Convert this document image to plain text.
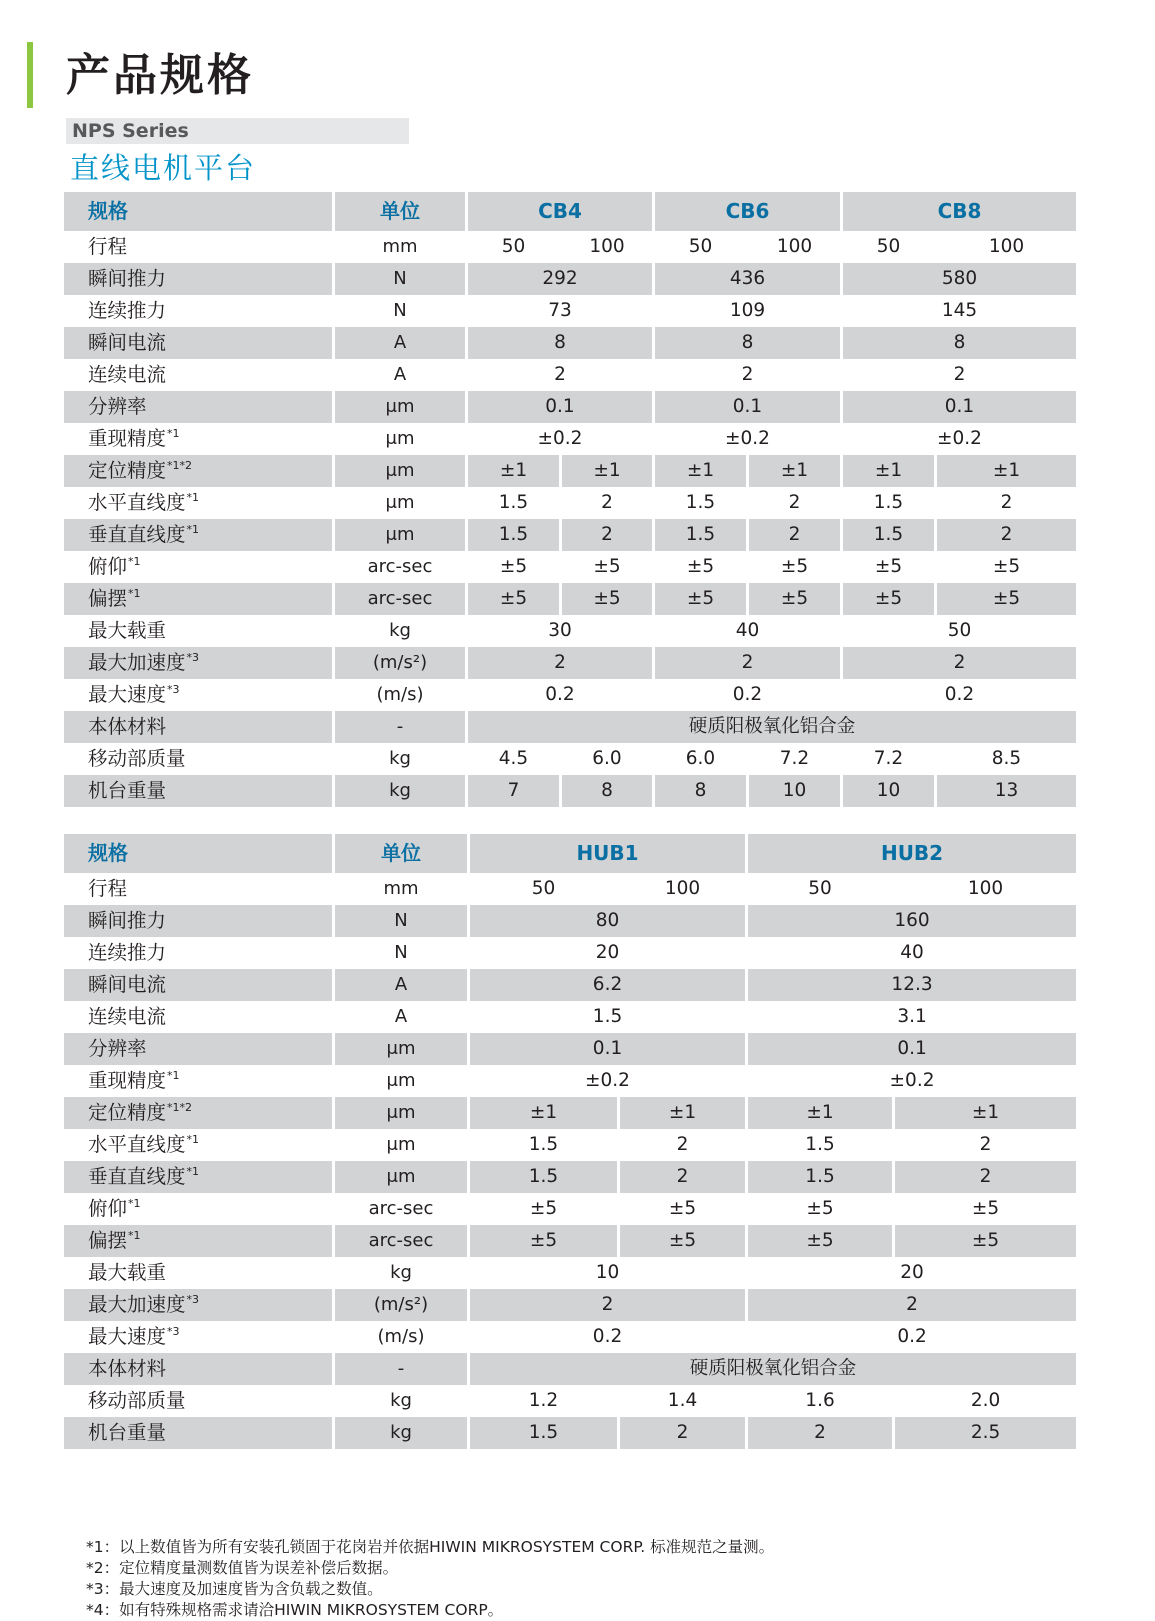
产品规格
NPS Series
直线电机平台
规格	单位	CB4		CB6		CB8	
行程	mm	50	100	50	100	50	100
瞬间推力	N	292		436		580	
连续推力	N	73		109		145	
瞬间电流	A	8		8		8	
连续电流	A	2		2		2	
分辨率	μm	0.1		0.1		0.1	
重现精度$^{*1}$	μm	±0.2		±0.2		±0.2	
定位精度$^{*1*2}$	μm	±1	±1	±1	±1	±1	±1
水平直线度$^{*1}$	μm	1.5	2	1.5	2	1.5	2
垂直直线度$^{*1}$	μm	1.5	2	1.5	2	1.5	2
俯仰$^{*1}$	arc-sec	±5	±5	±5	±5	±5	±5
偏摆$^{*1}$	arc-sec	±5	±5	±5	±5	±5	±5
最大载重	kg	30		40		50	
最大加速度$^{*3}$	(m/s²)	2		2		2	
最大速度$^{*3}$	(m/s)	0.2		0.2		0.2	
本体材料	-	硬质阳极氧化铝合金					
移动部质量	kg	4.5	6.0	6.0	7.2	7.2	8.5
机台重量	kg	7	8	8	10	10	13
规格	单位	HUB1		HUB2	
行程	mm	50	100	50	100
瞬间推力	N	80		160	
连续推力	N	20		40	
瞬间电流	A	6.2		12.3	
连续电流	A	1.5		3.1	
分辨率	μm	0.1		0.1	
重现精度$^{*1}$	μm	±0.2		±0.2	
定位精度$^{*1*2}$	μm	±1	±1	±1	±1
水平直线度$^{*1}$	μm	1.5	2	1.5	2
垂直直线度$^{*1}$	μm	1.5	2	1.5	2
俯仰$^{*1}$	arc-sec	±5	±5	±5	±5
偏摆$^{*1}$	arc-sec	±5	±5	±5	±5
最大载重	kg	10		20	
最大加速度$^{*3}$	(m/s²)	2		2	
最大速度$^{*3}$	(m/s)	0.2		0.2	
本体材料	-	硬质阳极氧化铝合金			
移动部质量	kg	1.2	1.4	1.6	2.0
机台重量	kg	1.5	2	2	2.5
*1：以上数值皆为所有安装孔锁固于花岗岩并依据HIWIN MIKROSYSTEM CORP. 标准规范之量测。
*2：定位精度量测数值皆为误差补偿后数据。
*3：最大速度及加速度皆为含负载之数值。
*4：如有特殊规格需求请洽HIWIN MIKROSYSTEM CORP。
